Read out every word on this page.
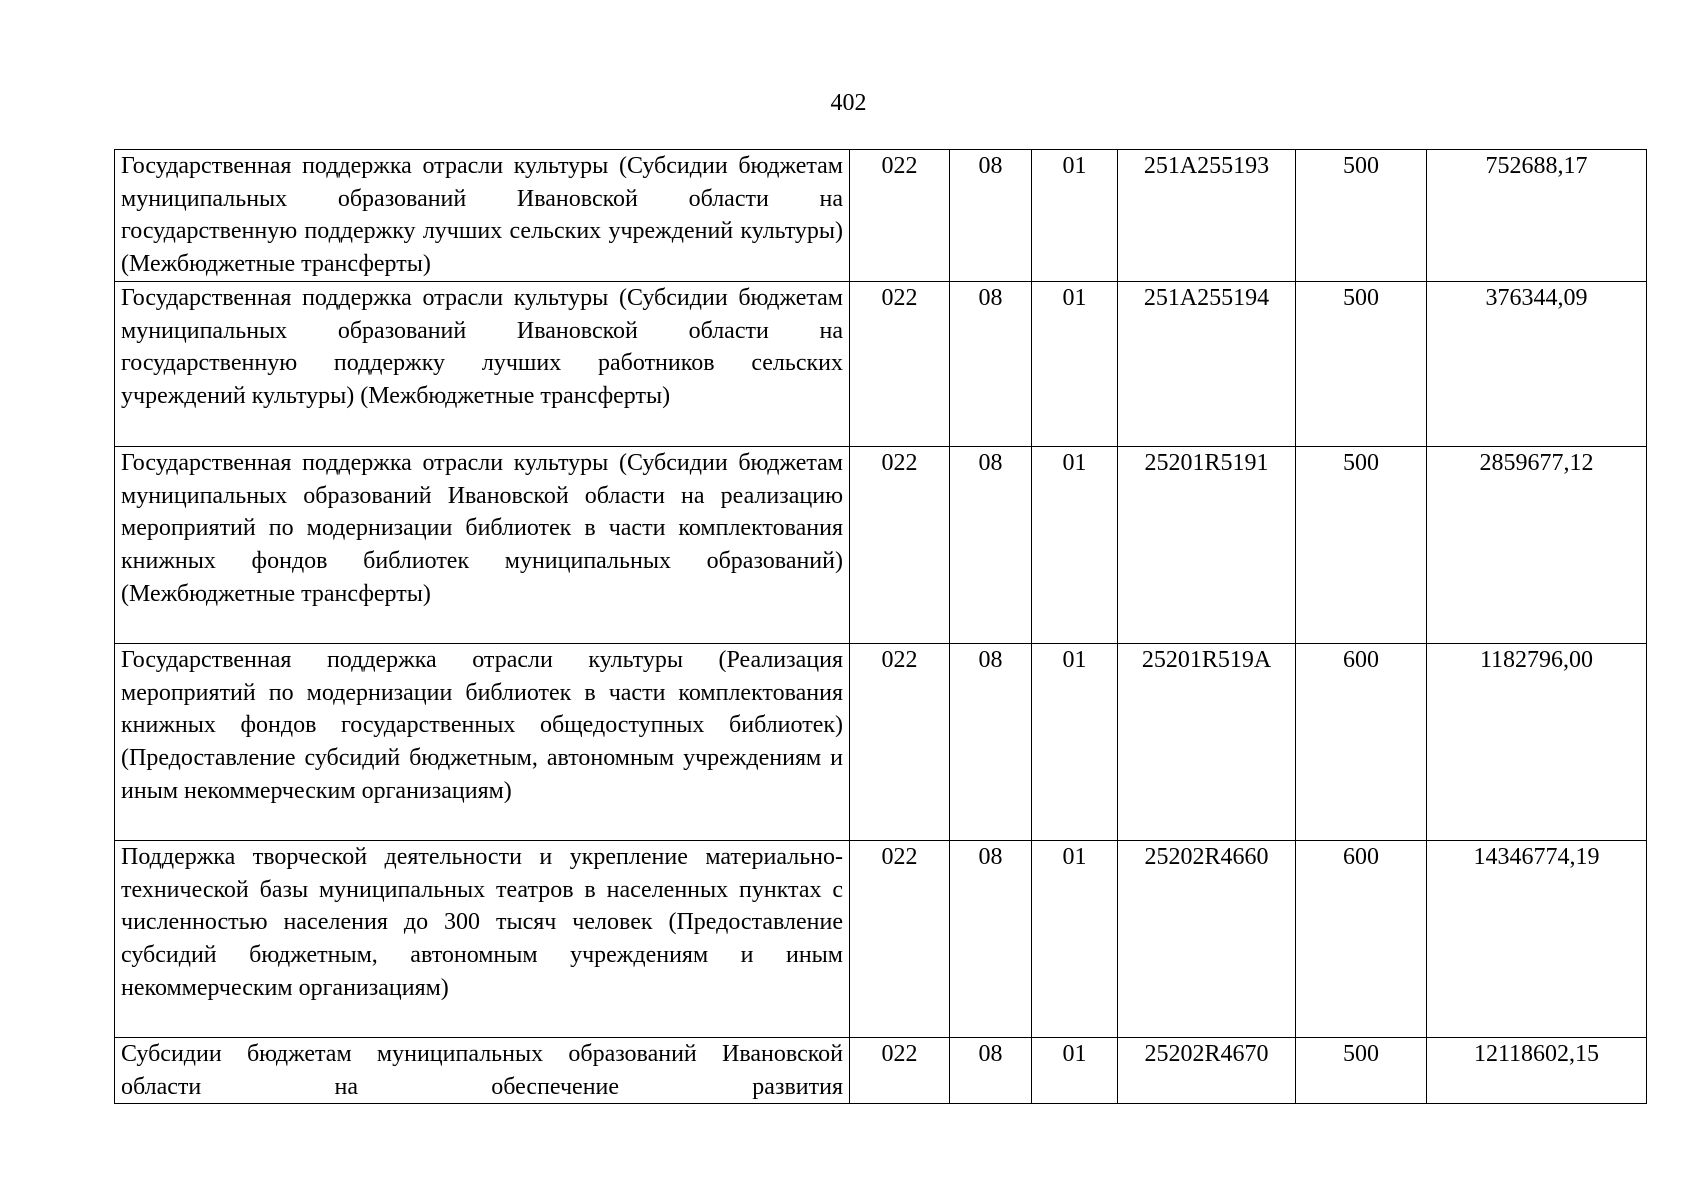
402
Государственная поддержка отрасли культуры (Субсидии бюджетам муниципальных образований Ивановской области на государственную поддержку лучших сельских учреждений культуры) (Межбюджетные трансферты)	022	08	01	251A255193	500	752688,17
Государственная поддержка отрасли культуры (Субсидии бюджетам муниципальных образований Ивановской области на государственную поддержку лучших работников сельских учреждений культуры) (Межбюджетные трансферты)	022	08	01	251A255194	500	376344,09
Государственная поддержка отрасли культуры (Субсидии бюджетам муниципальных образований Ивановской области на реализацию мероприятий по модернизации библиотек в части комплектования книжных фондов библиотек муниципальных образований) (Межбюджетные трансферты)	022	08	01	25201R5191	500	2859677,12
Государственная поддержка отрасли культуры (Реализация мероприятий по модернизации библиотек в части комплектования книжных фондов государственных общедоступных библиотек) (Предоставление субсидий бюджетным, автономным учреждениям и иным некоммерческим организациям)	022	08	01	25201R519A	600	1182796,00
Поддержка творческой деятельности и укрепление материально-технической базы муниципальных театров в населенных пунктах с численностью населения до 300 тысяч человек (Предоставление субсидий бюджетным, автономным учреждениям и иным некоммерческим организациям)	022	08	01	25202R4660	600	14346774,19
Субсидии бюджетам муниципальных образований Ивановской области на обеспечение развития	022	08	01	25202R4670	500	12118602,15
